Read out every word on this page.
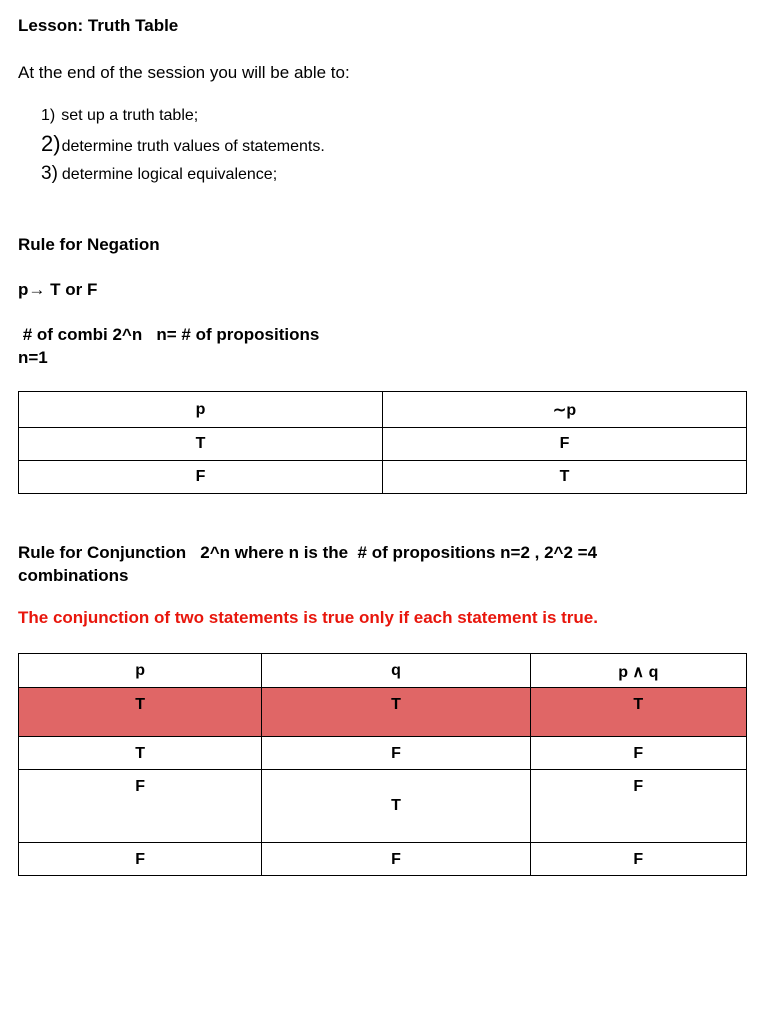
Lesson: Truth Table
At the end of the session you will be able to:
1) set up a truth table;
2)determine truth values of statements.
3) determine logical equivalence;
Rule for Negation
p→ T or F
# of combi 2^n   n= # of propositions
n=1
p	∼p
T	F
F	T
Rule for Conjunction   2^n where n is the  # of propositions n=2 , 2^2 =4
combinations
The conjunction of two statements is true only if each statement is true.
p	q	p ∧ q
T	T	T
T	F	F
F	T	F
F	F	F
